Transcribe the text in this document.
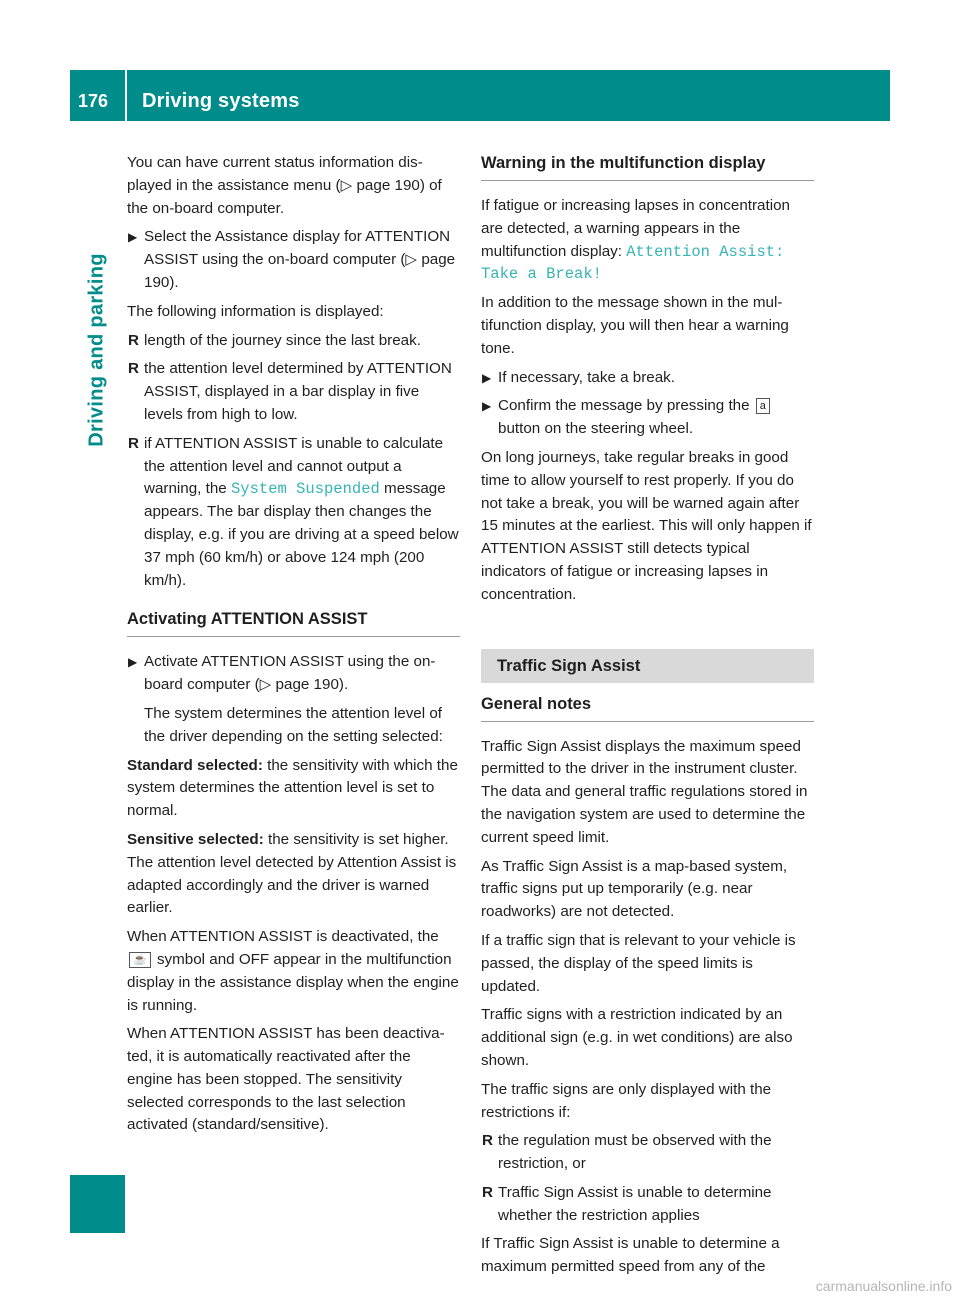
176	Driving systems
Driving and parking

You can have current status information displayed in the assistance menu (▷ page 190) of the on-board computer.

▶ Select the Assistance display for ATTENTION ASSIST using the on-board computer (▷ page 190).

The following information is displayed:

R length of the journey since the last break.
R the attention level determined by ATTENTION ASSIST, displayed in a bar display in five levels from high to low.
R if ATTENTION ASSIST is unable to calculate the attention level and cannot output a warning, the System Suspended message appears. The bar display then changes the display, e.g. if you are driving at a speed below 37 mph (60 km/h) or above 124 mph (200 km/h).
Activating ATTENTION ASSIST
▶ Activate ATTENTION ASSIST using the on-board computer (▷ page 190).

The system determines the attention level of the driver depending on the setting selected:

Standard selected: the sensitivity with which the system determines the attention level is set to normal.

Sensitive selected: the sensitivity is set higher. The attention level detected by Attention Assist is adapted accordingly and the driver is warned earlier.

When ATTENTION ASSIST is deactivated, the ☕ symbol and OFF appear in the multifunction display in the assistance display when the engine is running.

When ATTENTION ASSIST has been deactivated, it is automatically reactivated after the engine has been stopped. The sensitivity selected corresponds to the last selection activated (standard/sensitive).

Warning in the multifunction display

If fatigue or increasing lapses in concentration are detected, a warning appears in the multifunction display: Attention Assist: Take a Break!

In addition to the message shown in the multifunction display, you will then hear a warning tone.

▶ If necessary, take a break.
▶ Confirm the message by pressing the a button on the steering wheel.

On long journeys, take regular breaks in good time to allow yourself to rest properly. If you do not take a break, you will be warned again after 15 minutes at the earliest. This will only happen if ATTENTION ASSIST still detects typical indicators of fatigue or increasing lapses in concentration.

Traffic Sign Assist
General notes

Traffic Sign Assist displays the maximum speed permitted to the driver in the instrument cluster. The data and general traffic regulations stored in the navigation system are used to determine the current speed limit.

As Traffic Sign Assist is a map-based system, traffic signs put up temporarily (e.g. near roadworks) are not detected.

If a traffic sign that is relevant to your vehicle is passed, the display of the speed limits is updated.

Traffic signs with a restriction indicated by an additional sign (e.g. in wet conditions) are also shown.

The traffic signs are only displayed with the restrictions if:

R the regulation must be observed with the restriction, or
R Traffic Sign Assist is unable to determine whether the restriction applies

If Traffic Sign Assist is unable to determine a maximum permitted speed from any of the

carmanualsonline.info
